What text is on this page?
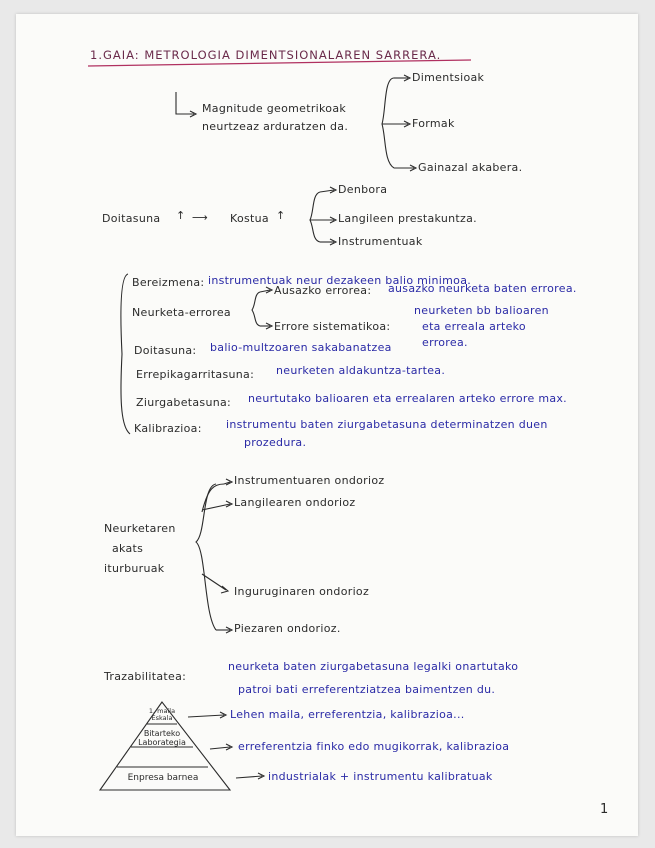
1.GAIA: METROLOGIA DIMENTSIONALAREN SARRERA.
Magnitude geometrikoak
neurtzeaz arduratzen da.
Dimentsioak
Formak
Gainazal akabera.
Doitasuna ↑ ⟶ Kostua ↑
Denbora
Langileen prestakuntza.
Instrumentuak
Bereizmena: instrumentuak neur dezakeen balio minimoa.
Neurketa-errorea
Ausazko errorea: ausazko neurketa baten errorea.
Errore sistematikoa:
neurketen bb balioaren
eta erreala arteko
errorea.
Doitasuna: balio-multzoaren sakabanatzea
Errepikagarritasuna: neurketen aldakuntza-tartea.
Ziurgabetasuna: neurtutako balioaren eta errealaren arteko errore max.
Kalibrazioa: instrumentu baten ziurgabetasuna determinatzen duen
prozedura.
Neurketaren
akats
iturburuak
Instrumentuaren ondorioz
Langilearen ondorioz
Inguruginaren ondorioz
Piezaren ondorioz.
Trazabilitatea:
neurketa baten ziurgabetasuna legalki onartutako
patroi bati erreferentziatzea baimentzen du.
1. maila Eskala
Bitarteko Laborategia
Enpresa barnea
Lehen maila, erreferentzia, kalibrazioa...
erreferentzia finko edo mugikorrak, kalibrazioa
industrialak + instrumentu kalibratuak
1
